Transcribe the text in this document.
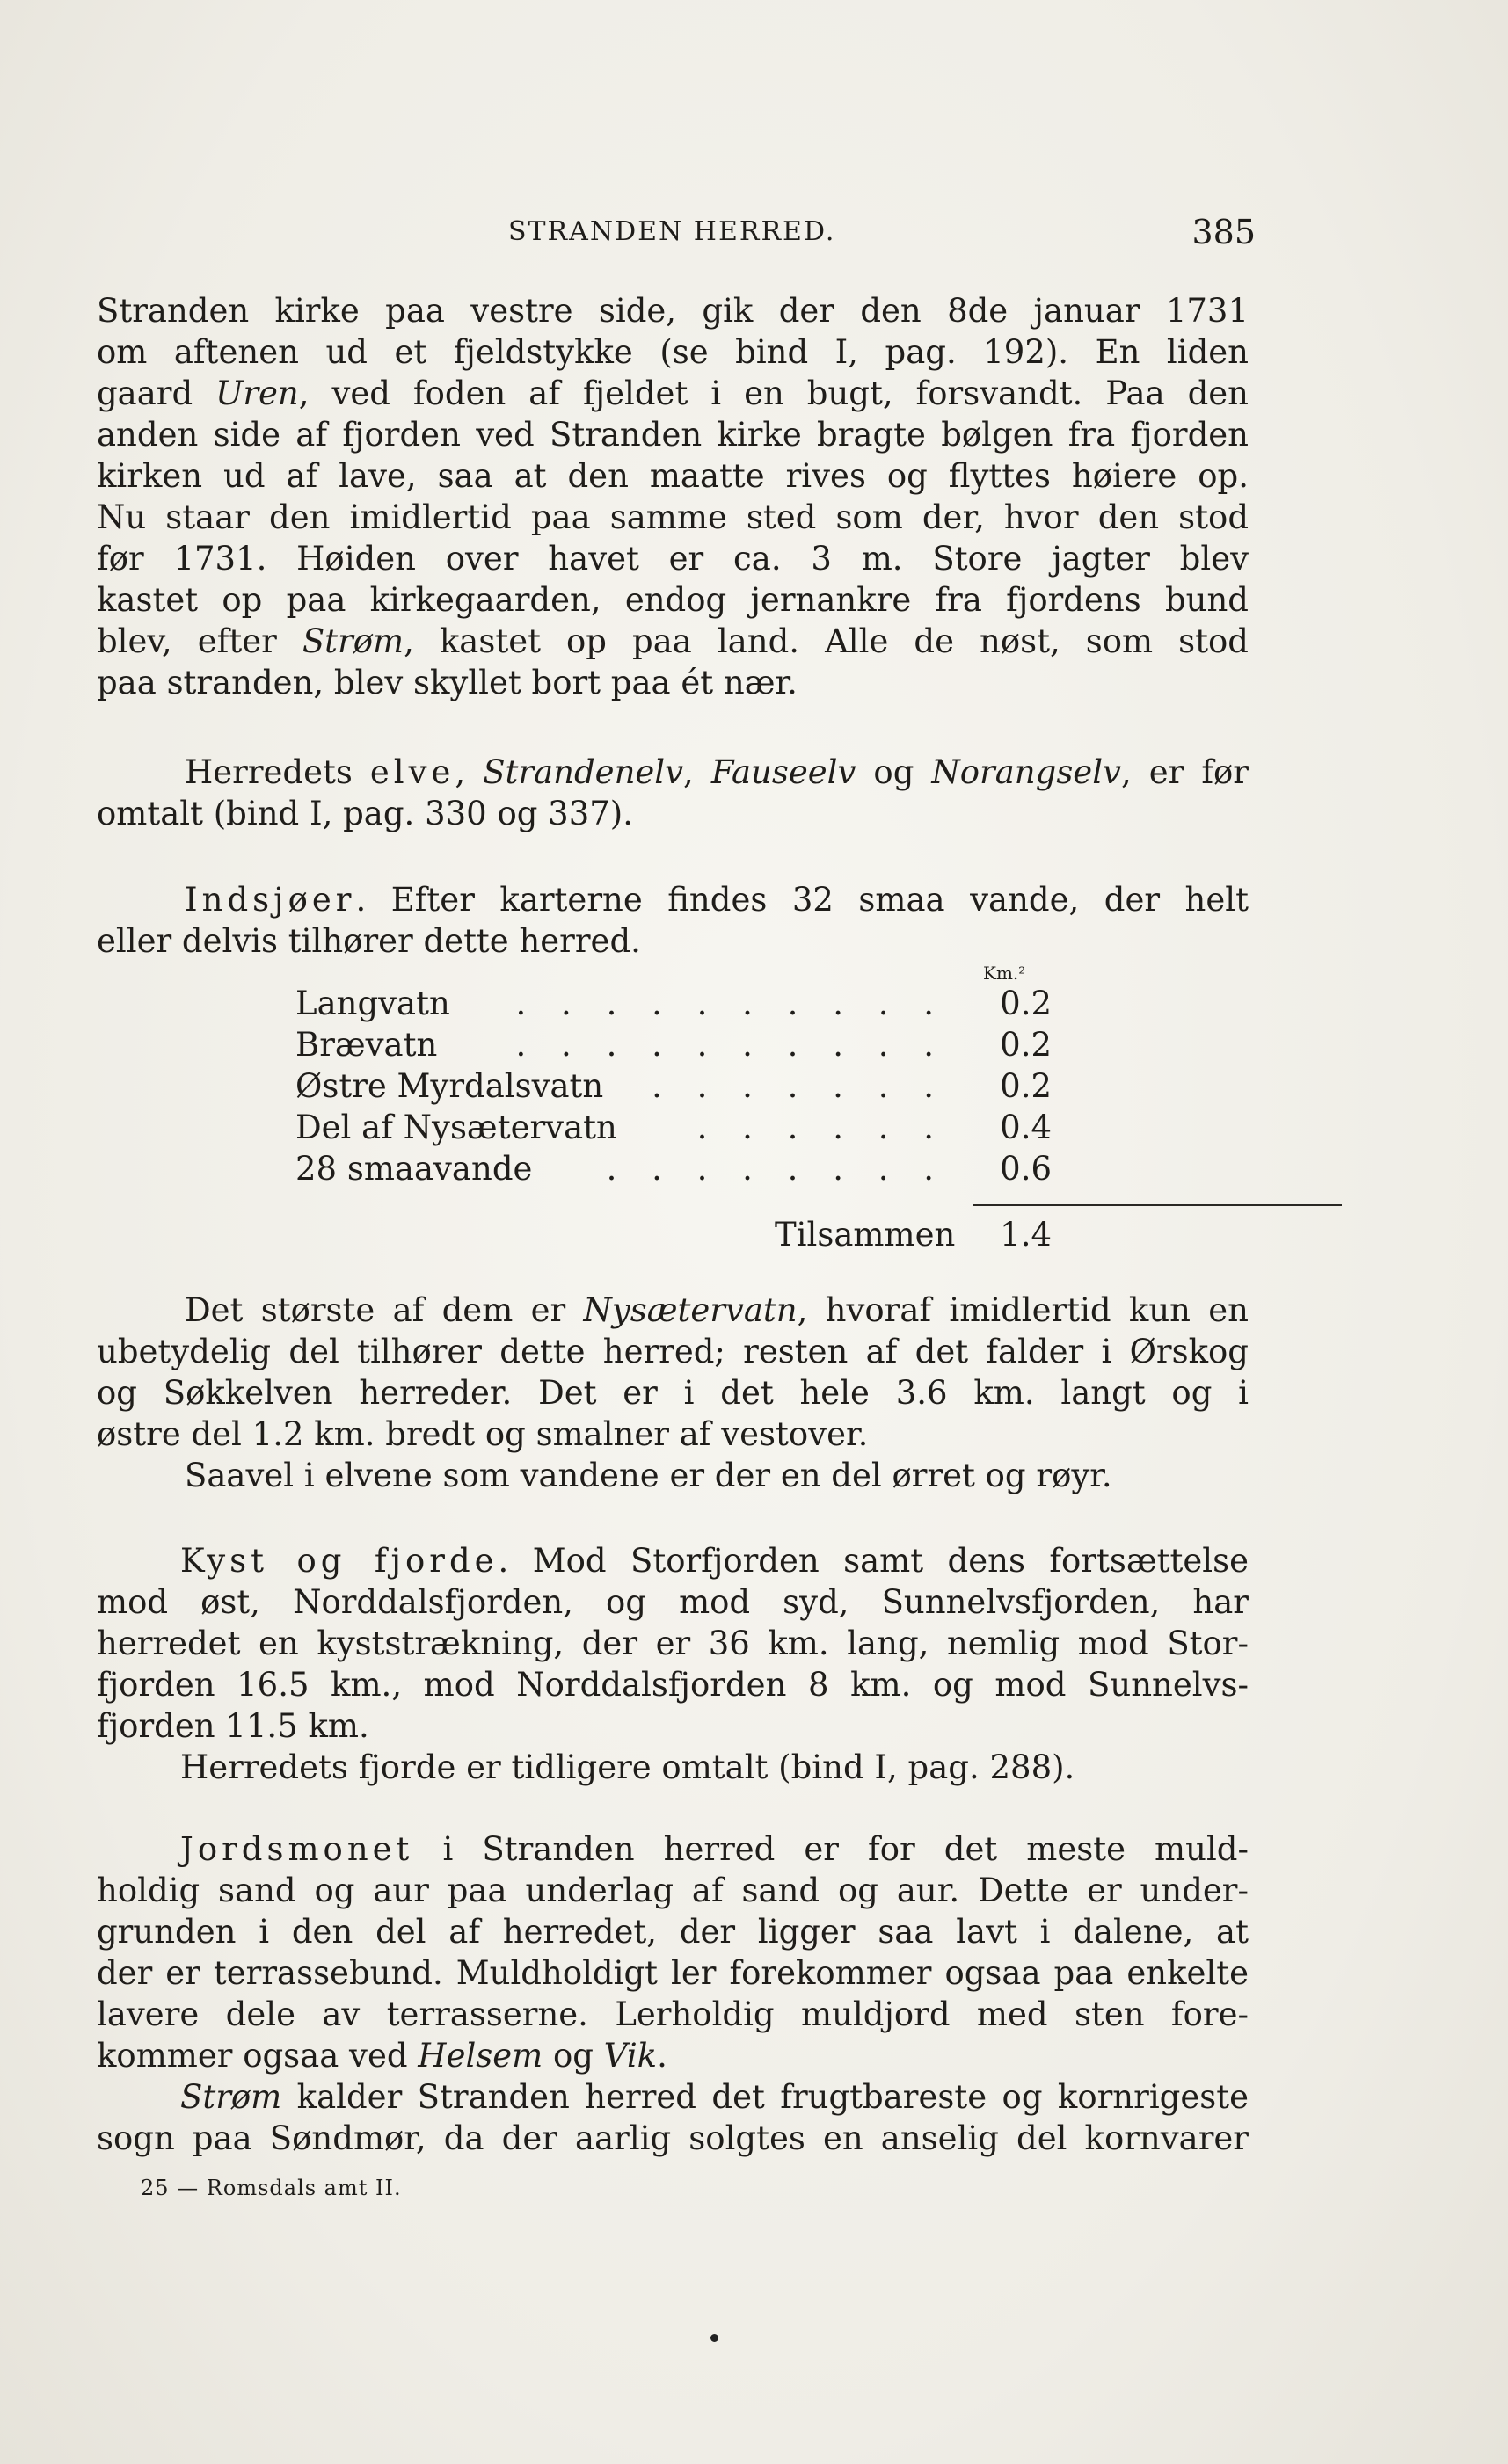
STRANDEN HERRED.	385
Stranden kirke paa vestre side, gik der den 8de januar 1731
om aftenen ud et fjeldstykke (se bind I, pag. 192). En liden
gaard Uren, ved foden af fjeldet i en bugt, forsvandt. Paa den
anden side af fjorden ved Stranden kirke bragte bølgen fra fjorden
kirken ud af lave, saa at den maatte rives og flyttes høiere op.
Nu staar den imidlertid paa samme sted som der, hvor den stod
før 1731. Høiden over havet er ca. 3 m. Store jagter blev
kastet op paa kirkegaarden, endog jernankre fra fjordens bund
blev, efter Strøm, kastet op paa land. Alle de nøst, som stod
paa stranden, blev skyllet bort paa ét nær.
Herredets elve, Strandenelv, Fauseelv og Norangselv, er før
omtalt (bind I, pag. 330 og 337).
Indsjøer. Efter karterne findes 32 smaa vande, der helt
eller delvis tilhører dette herred.
Km.²
Langvatn	. . . . . . . . . . 0.2
Brævatn	. . . . . . . . . . 0.2
Østre Myrdalsvatn	. . . . . . . 0.2
Del af Nysætervatn	. . . . . . 0.4
28 smaavande	. . . . . . . . 0.6
Tilsammen 1.4
Det største af dem er Nysætervatn, hvoraf imidlertid kun en
ubetydelig del tilhører dette herred; resten af det falder i Ørskog
og Søkkelven herreder. Det er i det hele 3.6 km. langt og i
østre del 1.2 km. bredt og smalner af vestover.
Saavel i elvene som vandene er der en del ørret og røyr.
Kyst og fjorde. Mod Storfjorden samt dens fortsættelse
mod øst, Norddalsfjorden, og mod syd, Sunnelvsfjorden, har
herredet en kyststrækning, der er 36 km. lang, nemlig mod Stor-
fjorden 16.5 km., mod Norddalsfjorden 8 km. og mod Sunnelvs-
fjorden 11.5 km.
Herredets fjorde er tidligere omtalt (bind I, pag. 288).
Jordsmonet i Stranden herred er for det meste muld-
holdig sand og aur paa underlag af sand og aur. Dette er under-
grunden i den del af herredet, der ligger saa lavt i dalene, at
der er terrassebund. Muldholdigt ler forekommer ogsaa paa enkelte
lavere dele av terrasserne. Lerholdig muldjord med sten fore-
kommer ogsaa ved Helsem og Vik.
Strøm kalder Stranden herred det frugtbareste og kornrigeste
sogn paa Søndmør, da der aarlig solgtes en anselig del kornvarer
25 — Romsdals amt II.
